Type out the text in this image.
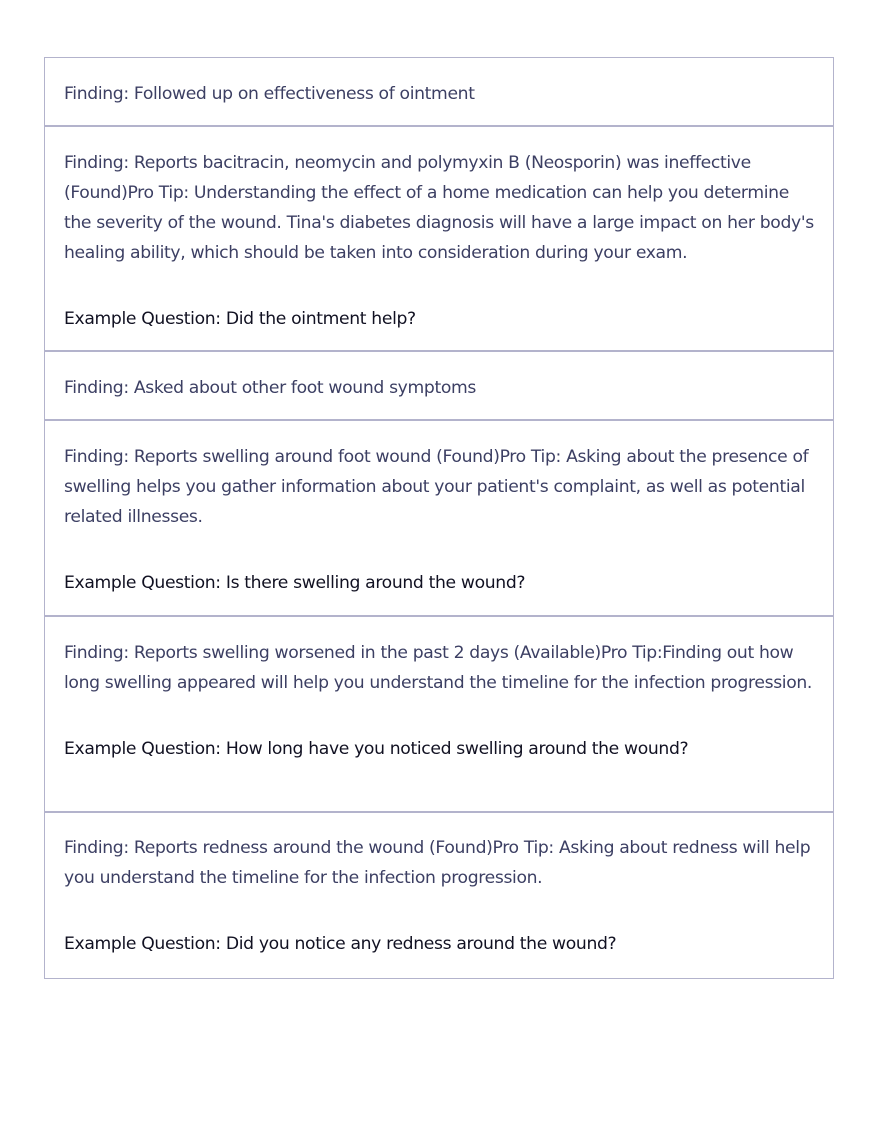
Finding: Followed up on effectiveness of ointment

Finding: Reports bacitracin, neomycin and polymyxin B (Neosporin) was ineffective (Found)Pro Tip: Understanding the effect of a home medication can help you determine the severity of the wound. Tina's diabetes diagnosis will have a large impact on her body's healing ability, which should be taken into consideration during your exam.

Example Question: Did the ointment help?

Finding: Asked about other foot wound symptoms

Finding: Reports swelling around foot wound (Found)Pro Tip: Asking about the presence of swelling helps you gather information about your patient's complaint, as well as potential related illnesses.

Example Question: Is there swelling around the wound?

Finding: Reports swelling worsened in the past 2 days (Available)Pro Tip:Finding out how long swelling appeared will help you understand the timeline for the infection progression.

Example Question: How long have you noticed swelling around the wound?

Finding: Reports redness around the wound (Found)Pro Tip: Asking about redness will help you understand the timeline for the infection progression.

Example Question: Did you notice any redness around the wound?
